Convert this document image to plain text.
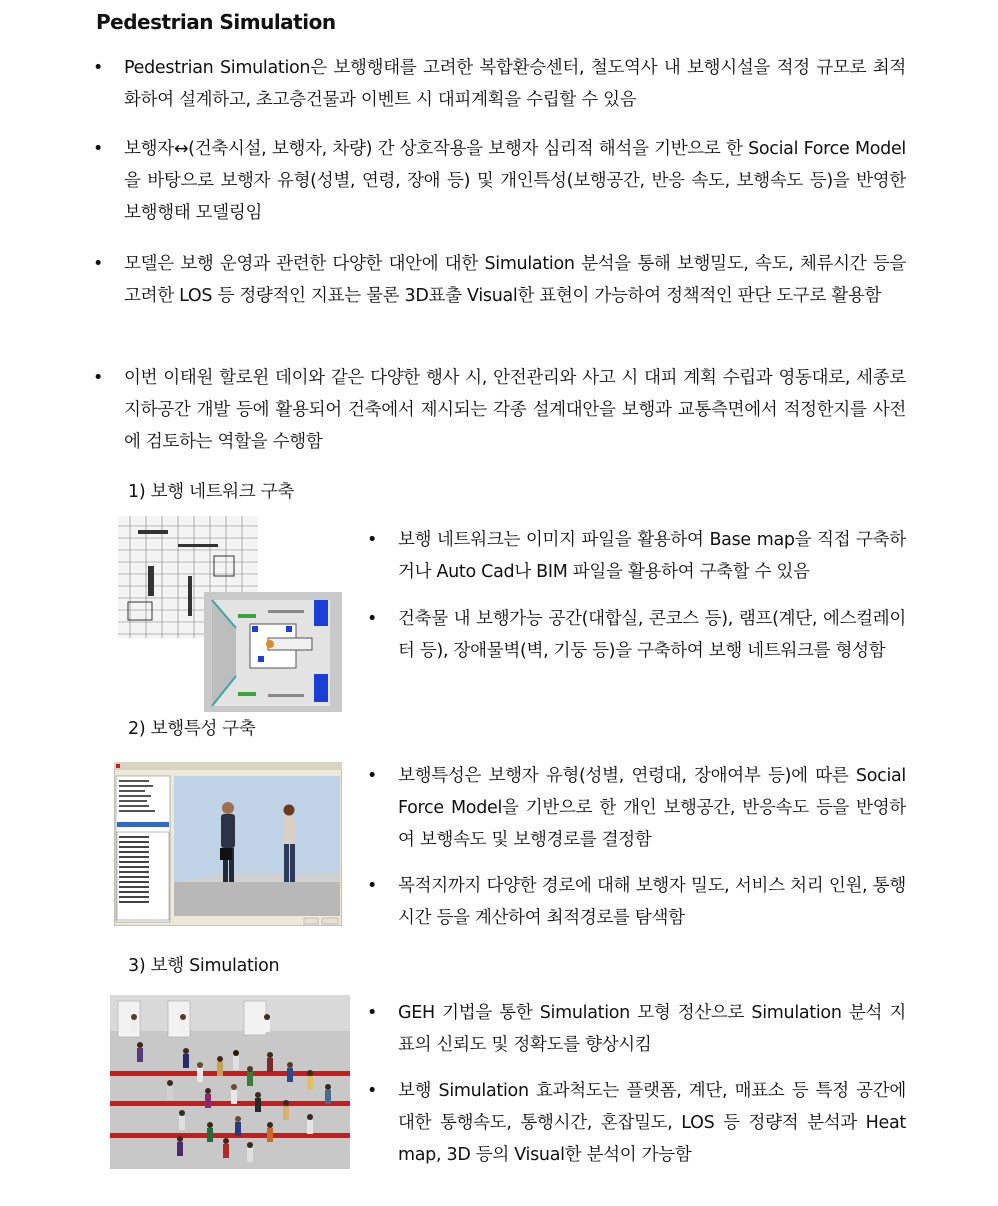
Pedestrian Simulation
• Pedestrian Simulation은 보행행태를 고려한 복합환승센터, 철도역사 내 보행시설을 적정 규모로 최적화하여 설계하고, 초고층건물과 이벤트 시 대피계획을 수립할 수 있음
• 보행자↔(건축시설, 보행자, 차량) 간 상호작용을 보행자 심리적 해석을 기반으로 한 Social Force Model을 바탕으로 보행자 유형(성별, 연령, 장애 등) 및 개인특성(보행공간, 반응 속도, 보행속도 등)을 반영한 보행행태 모델링임
• 모델은 보행 운영과 관련한 다양한 대안에 대한 Simulation 분석을 통해 보행밀도, 속도, 체류시간 등을 고려한 LOS 등 정량적인 지표는 물론 3D표출 Visual한 표현이 가능하여 정책적인 판단 도구로 활용함
• 이번 이태원 할로윈 데이와 같은 다양한 행사 시, 안전관리와 사고 시 대피 계획 수립과 영동대로, 세종로 지하공간 개발 등에 활용되어 건축에서 제시되는 각종 설계대안을 보행과 교통측면에서 적정한지를 사전에 검토하는 역할을 수행함
1) 보행 네트워크 구축
• 보행 네트워크는 이미지 파일을 활용하여 Base map을 직접 구축하거나 Auto Cad나 BIM 파일을 활용하여 구축할 수 있음
• 건축물 내 보행가능 공간(대합실, 콘코스 등), 램프(계단, 에스컬레이터 등), 장애물벽(벽, 기둥 등)을 구축하여 보행 네트워크를 형성함
2) 보행특성 구축
• 보행특성은 보행자 유형(성별, 연령대, 장애여부 등)에 따른 Social Force Model을 기반으로 한 개인 보행공간, 반응속도 등을 반영하여 보행속도 및 보행경로를 결정함
• 목적지까지 다양한 경로에 대해 보행자 밀도, 서비스 처리 인원, 통행시간 등을 계산하여 최적경로를 탐색함
3) 보행 Simulation
• GEH 기법을 통한 Simulation 모형 정산으로 Simulation 분석 지표의 신뢰도 및 정확도를 향상시킴
• 보행 Simulation 효과척도는 플랫폼, 계단, 매표소 등 특정 공간에 대한 통행속도, 통행시간, 혼잡밀도, LOS 등 정량적 분석과 Heat map, 3D 등의 Visual한 분석이 가능함
